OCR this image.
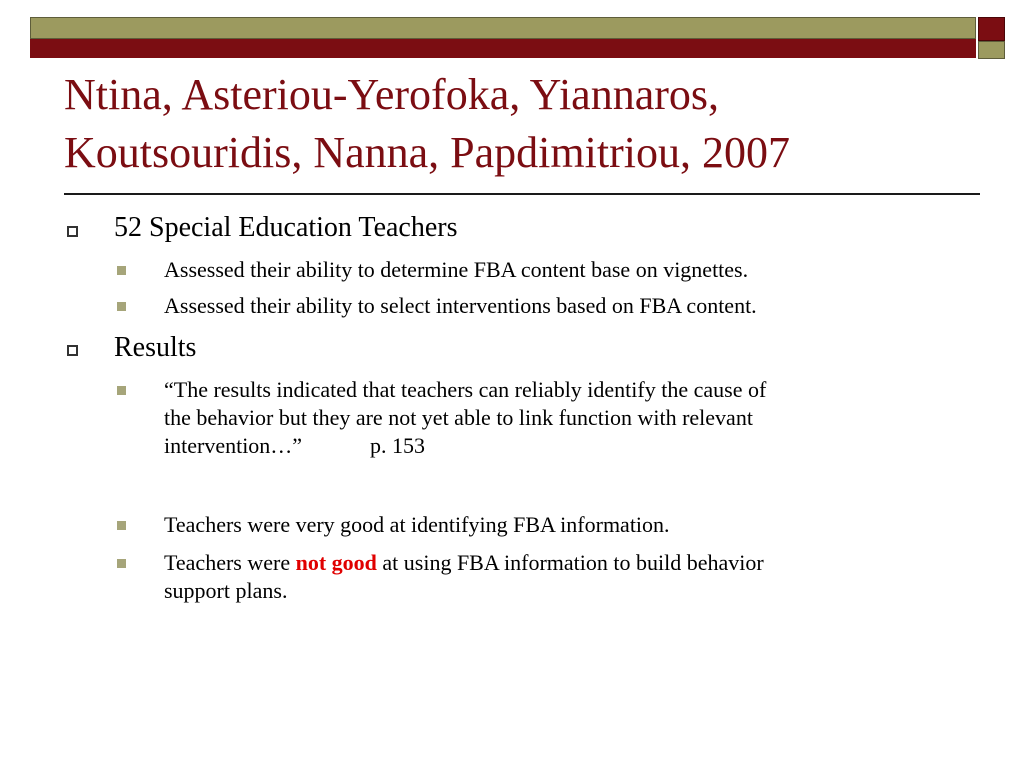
Ntina, Asteriou-Yerofoka, Yiannaros,
Koutsouridis, Nanna, Papdimitriou, 2007
52 Special Education Teachers
Assessed their ability to determine FBA content base on vignettes.
Assessed their ability to select interventions based on FBA content.
Results
“The results indicated that teachers can reliably identify the cause of
the behavior but they are not yet able to link function with relevant
intervention…”	p. 153
Teachers were very good at identifying FBA information.
Teachers were not good at using FBA information to build behavior
support plans.
